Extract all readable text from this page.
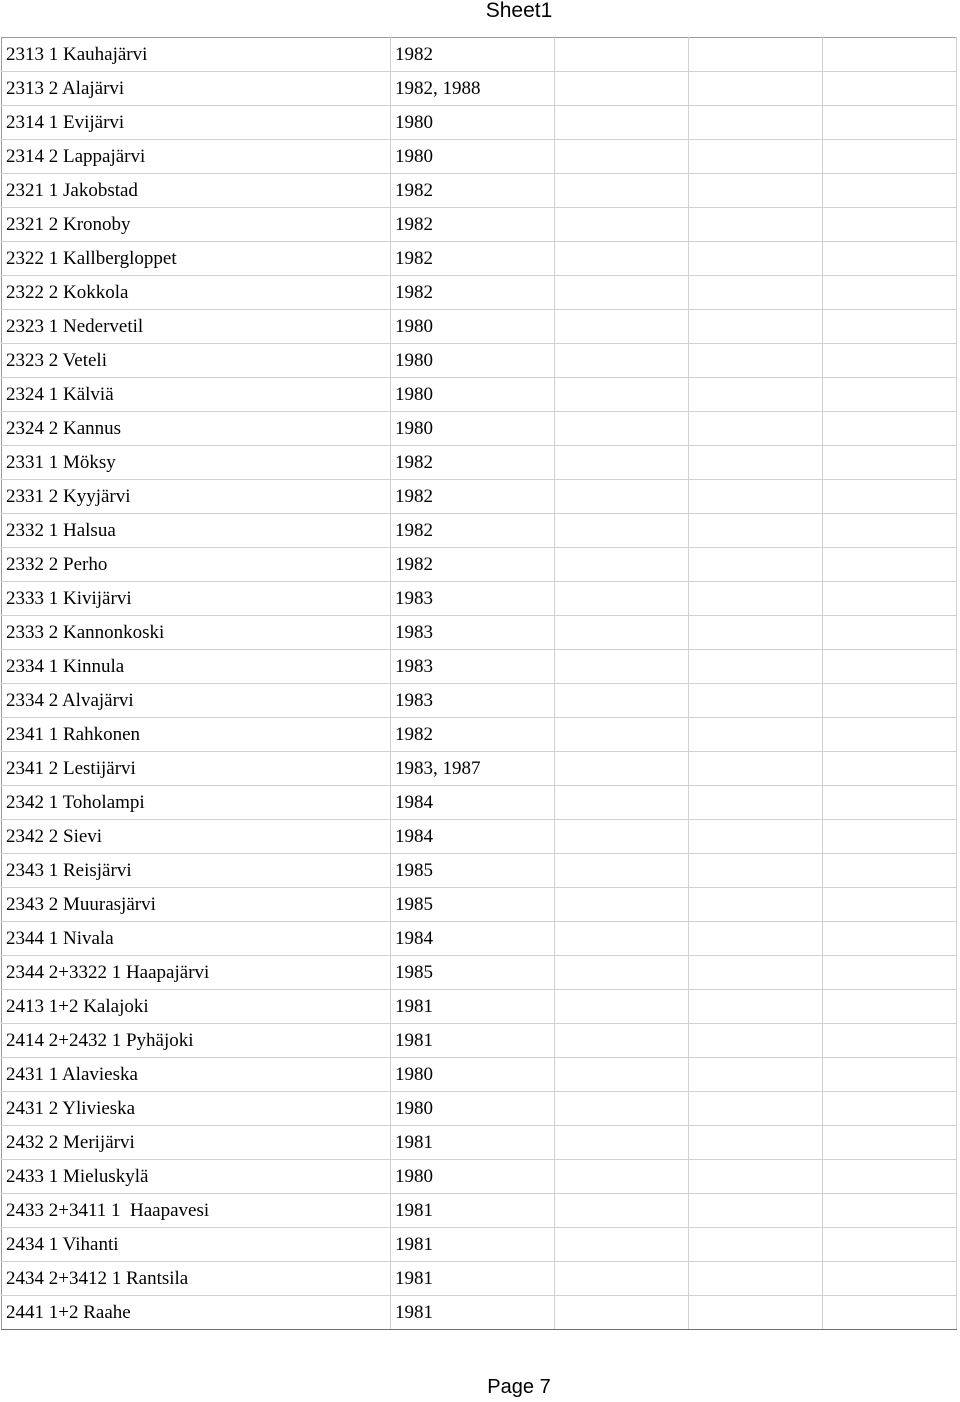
Sheet1
2313 1 Kauhajärvi	1982			
2313 2 Alajärvi	1982, 1988			
2314 1 Evijärvi	1980			
2314 2 Lappajärvi	1980			
2321 1 Jakobstad	1982			
2321 2 Kronoby	1982			
2322 1 Kallbergloppet	1982			
2322 2 Kokkola	1982			
2323 1 Nedervetil	1980			
2323 2 Veteli	1980			
2324 1 Kälviä	1980			
2324 2 Kannus	1980			
2331 1 Möksy	1982			
2331 2 Kyyjärvi	1982			
2332 1 Halsua	1982			
2332 2 Perho	1982			
2333 1 Kivijärvi	1983			
2333 2 Kannonkoski	1983			
2334 1 Kinnula	1983			
2334 2 Alvajärvi	1983			
2341 1 Rahkonen	1982			
2341 2 Lestijärvi	1983, 1987			
2342 1 Toholampi	1984			
2342 2 Sievi	1984			
2343 1 Reisjärvi	1985			
2343 2 Muurasjärvi	1985			
2344 1 Nivala	1984			
2344 2+3322 1 Haapajärvi	1985			
2413 1+2 Kalajoki	1981			
2414 2+2432 1 Pyhäjoki	1981			
2431 1 Alavieska	1980			
2431 2 Ylivieska	1980			
2432 2 Merijärvi	1981			
2433 1 Mieluskylä	1980			
2433 2+3411 1  Haapavesi	1981			
2434 1 Vihanti	1981			
2434 2+3412 1 Rantsila	1981			
2441 1+2 Raahe	1981			
Page 7
